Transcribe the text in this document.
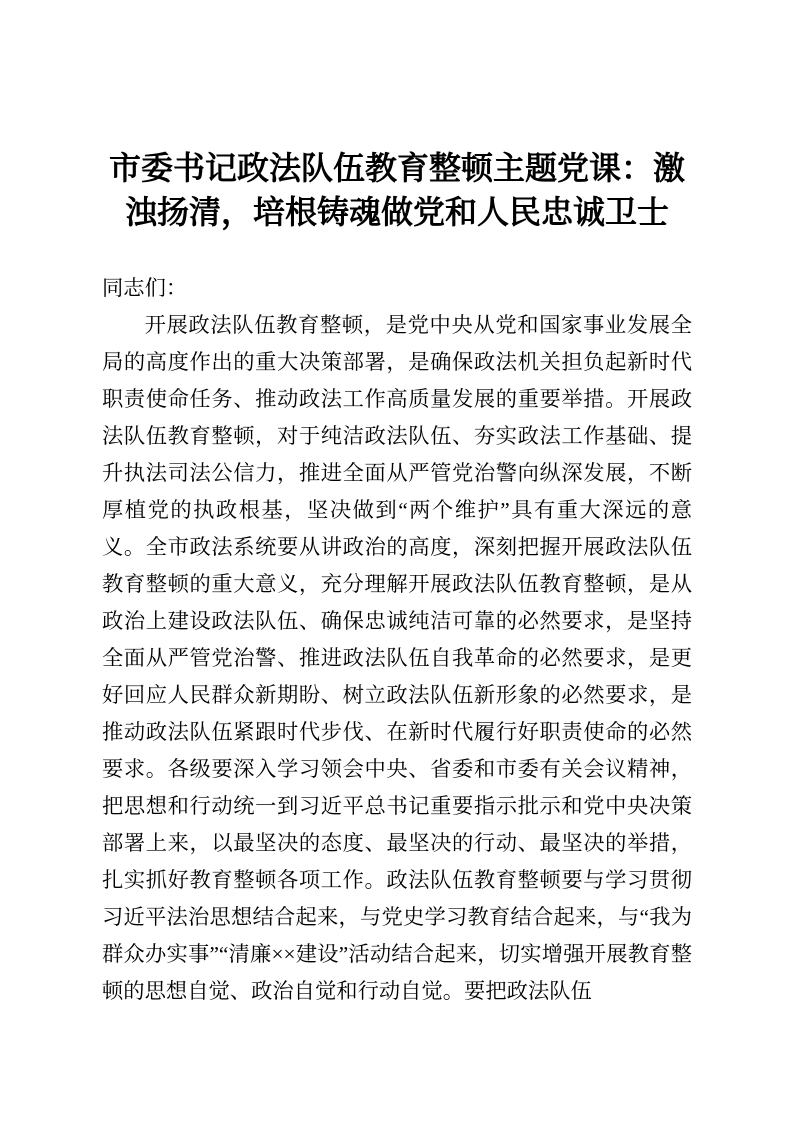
市委书记政法队伍教育整顿主题党课：激浊扬清，培根铸魂做党和人民忠诚卫士

同志们：

开展政法队伍教育整顿，是党中央从党和国家事业发展全局的高度作出的重大决策部署，是确保政法机关担负起新时代职责使命任务、推动政法工作高质量发展的重要举措。开展政法队伍教育整顿，对于纯洁政法队伍、夯实政法工作基础、提升执法司法公信力，推进全面从严管党治警向纵深发展，不断厚植党的执政根基，坚决做到“两个维护”具有重大深远的意义。全市政法系统要从讲政治的高度，深刻把握开展政法队伍教育整顿的重大意义，充分理解开展政法队伍教育整顿，是从政治上建设政法队伍、确保忠诚纯洁可靠的必然要求，是坚持全面从严管党治警、推进政法队伍自我革命的必然要求，是更好回应人民群众新期盼、树立政法队伍新形象的必然要求，是推动政法队伍紧跟时代步伐、在新时代履行好职责使命的必然要求。各级要深入学习领会中央、省委和市委有关会议精神，把思想和行动统一到习近平总书记重要指示批示和党中央决策部署上来，以最坚决的态度、最坚决的行动、最坚决的举措，扎实抓好教育整顿各项工作。政法队伍教育整顿要与学习贯彻习近平法治思想结合起来，与党史学习教育结合起来，与“我为群众办实事”“清廉××建设”活动结合起来，切实增强开展教育整顿的思想自觉、政治自觉和行动自觉。要把政法队伍
